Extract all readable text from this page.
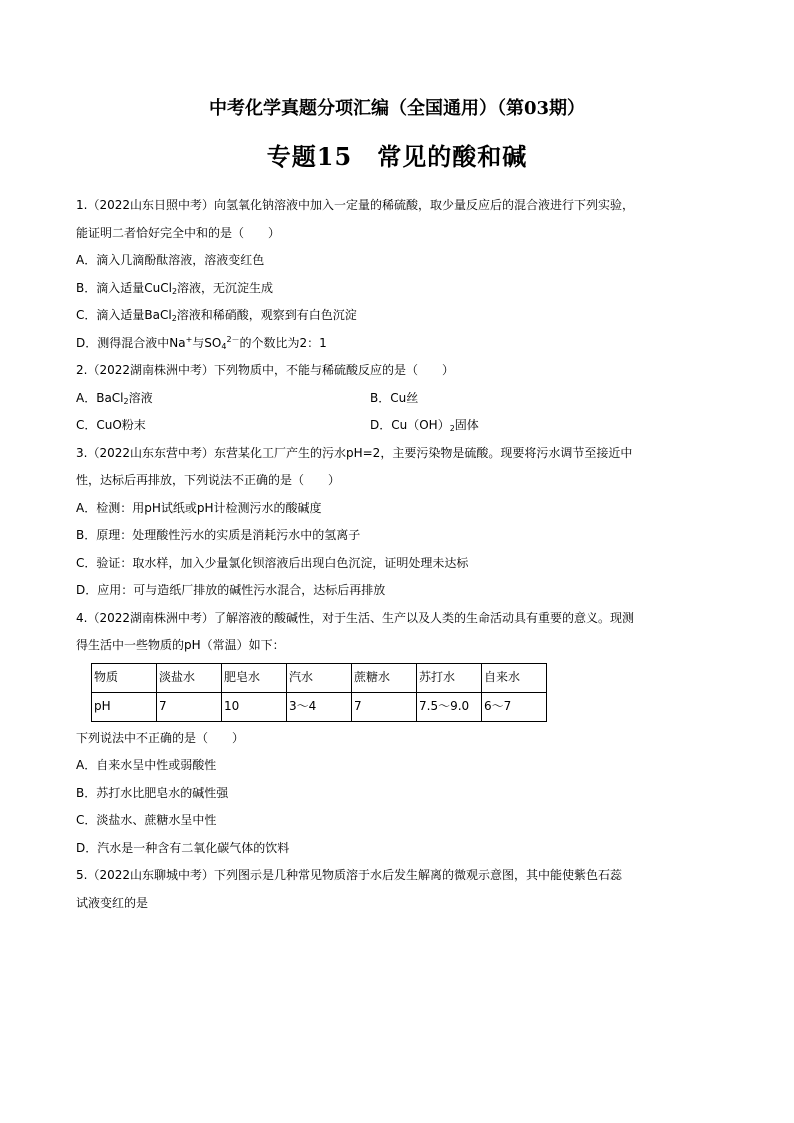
中考化学真题分项汇编（全国通用）（第03期）
专题15　常见的酸和碱
1.（2022山东日照中考）向氢氧化钠溶液中加入一定量的稀硫酸，取少量反应后的混合液进行下列实验，
能证明二者恰好完全中和的是（　　）
A．滴入几滴酚酞溶液，溶液变红色
B．滴入适量CuCl$_2$溶液，无沉淀生成
C．滴入适量BaCl$_2$溶液和稀硝酸，观察到有白色沉淀
D．测得混合液中Na+与$SO_4^{2-}$的个数比为2：1
2.（2022湖南株洲中考）下列物质中，不能与稀硫酸反应的是（　　）
A．BaCl$_2$溶液	B．Cu丝
C．CuO粉末	D．$Cu(OH)_2$固体
3.（2022山东东营中考）东营某化工厂产生的污水pH=2，主要污染物是硫酸。现要将污水调节至接近中
性，达标后再排放，下列说法不正确的是（　　）
A．检测：用pH试纸或pH计检测污水的酸碱度
B．原理：处理酸性污水的实质是消耗污水中的氢离子
C．验证：取水样，加入少量氯化钡溶液后出现白色沉淀，证明处理未达标
D．应用：可与造纸厂排放的碱性污水混合，达标后再排放
4.（2022湖南株洲中考）了解溶液的酸碱性，对于生活、生产以及人类的生命活动具有重要的意义。现测
得生活中一些物质的pH（常温）如下：
物质	淡盐水	肥皂水	汽水	蔗糖水	苏打水	自来水
pH	7	10	3～4	7	7.5～9.0	6～7
下列说法中不正确的是（　　）
A．自来水呈中性或弱酸性
B．苏打水比肥皂水的碱性强
C．淡盐水、蔗糖水呈中性
D．汽水是一种含有二氧化碳气体的饮料
5.（2022山东聊城中考）下列图示是几种常见物质溶于水后发生解离的微观示意图，其中能使紫色石蕊
试液变红的是
